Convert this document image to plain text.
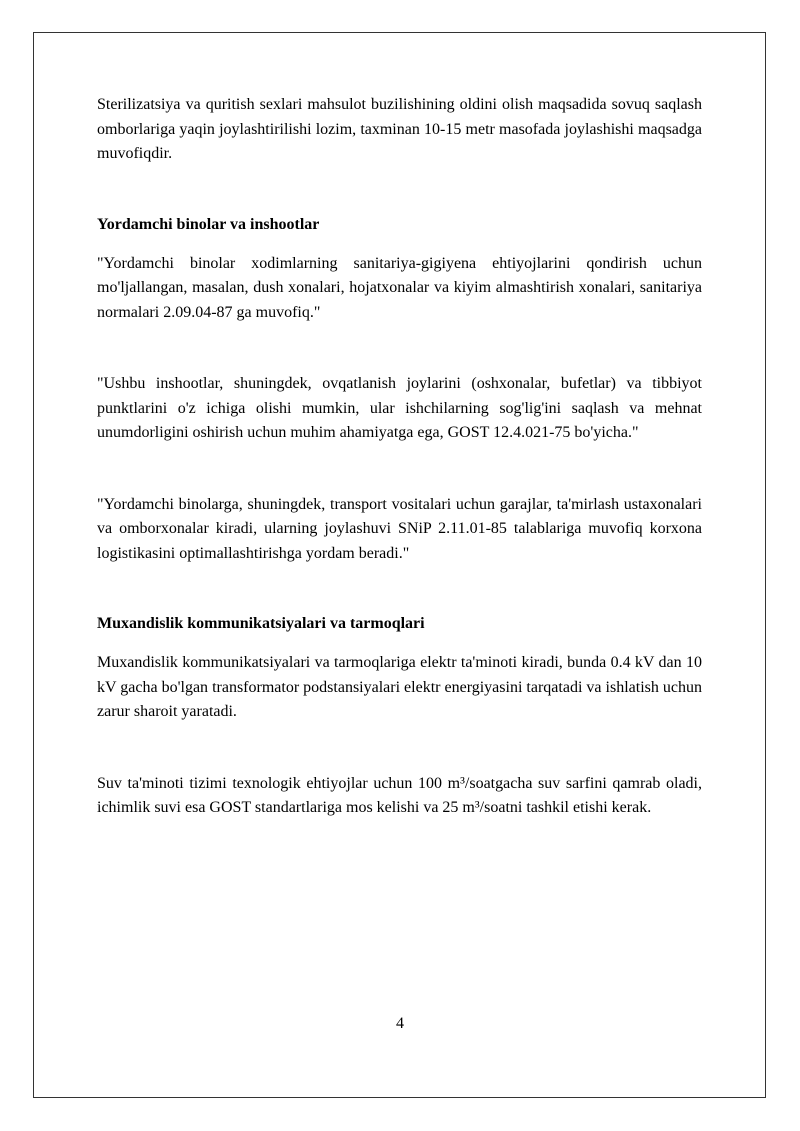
Sterilizatsiya va quritish sexlari mahsulot buzilishining oldini olish maqsadida sovuq saqlash omborlariga yaqin joylashtirilishi lozim, taxminan 10-15 metr masofada joylashishi maqsadga muvofiqdir.

Yordamchi binolar va inshootlar

"Yordamchi binolar xodimlarning sanitariya-gigiyena ehtiyojlarini qondirish uchun mo'ljallangan, masalan, dush xonalari, hojatxonalar va kiyim almashtirish xonalari, sanitariya normalari 2.09.04-87 ga muvofiq."

"Ushbu inshootlar, shuningdek, ovqatlanish joylarini (oshxonalar, bufetlar) va tibbiyot punktlarini o'z ichiga olishi mumkin, ular ishchilarning sog'lig'ini saqlash va mehnat unumdorligini oshirish uchun muhim ahamiyatga ega, GOST 12.4.021-75 bo'yicha."

"Yordamchi binolarga, shuningdek, transport vositalari uchun garajlar, ta'mirlash ustaxonalari va omborxonalar kiradi, ularning joylashuvi SNiP 2.11.01-85 talablariga muvofiq korxona logistikasini optimallashtirishga yordam beradi."

Muxandislik kommunikatsiyalari va tarmoqlari

Muxandislik kommunikatsiyalari va tarmoqlariga elektr ta'minoti kiradi, bunda 0.4 kV dan 10 kV gacha bo'lgan transformator podstansiyalari elektr energiyasini tarqatadi va ishlatish uchun zarur sharoit yaratadi.

Suv ta'minoti tizimi texnologik ehtiyojlar uchun 100 m³/soatgacha suv sarfini qamrab oladi, ichimlik suvi esa GOST standartlariga mos kelishi va 25 m³/soatni tashkil etishi kerak.

4
